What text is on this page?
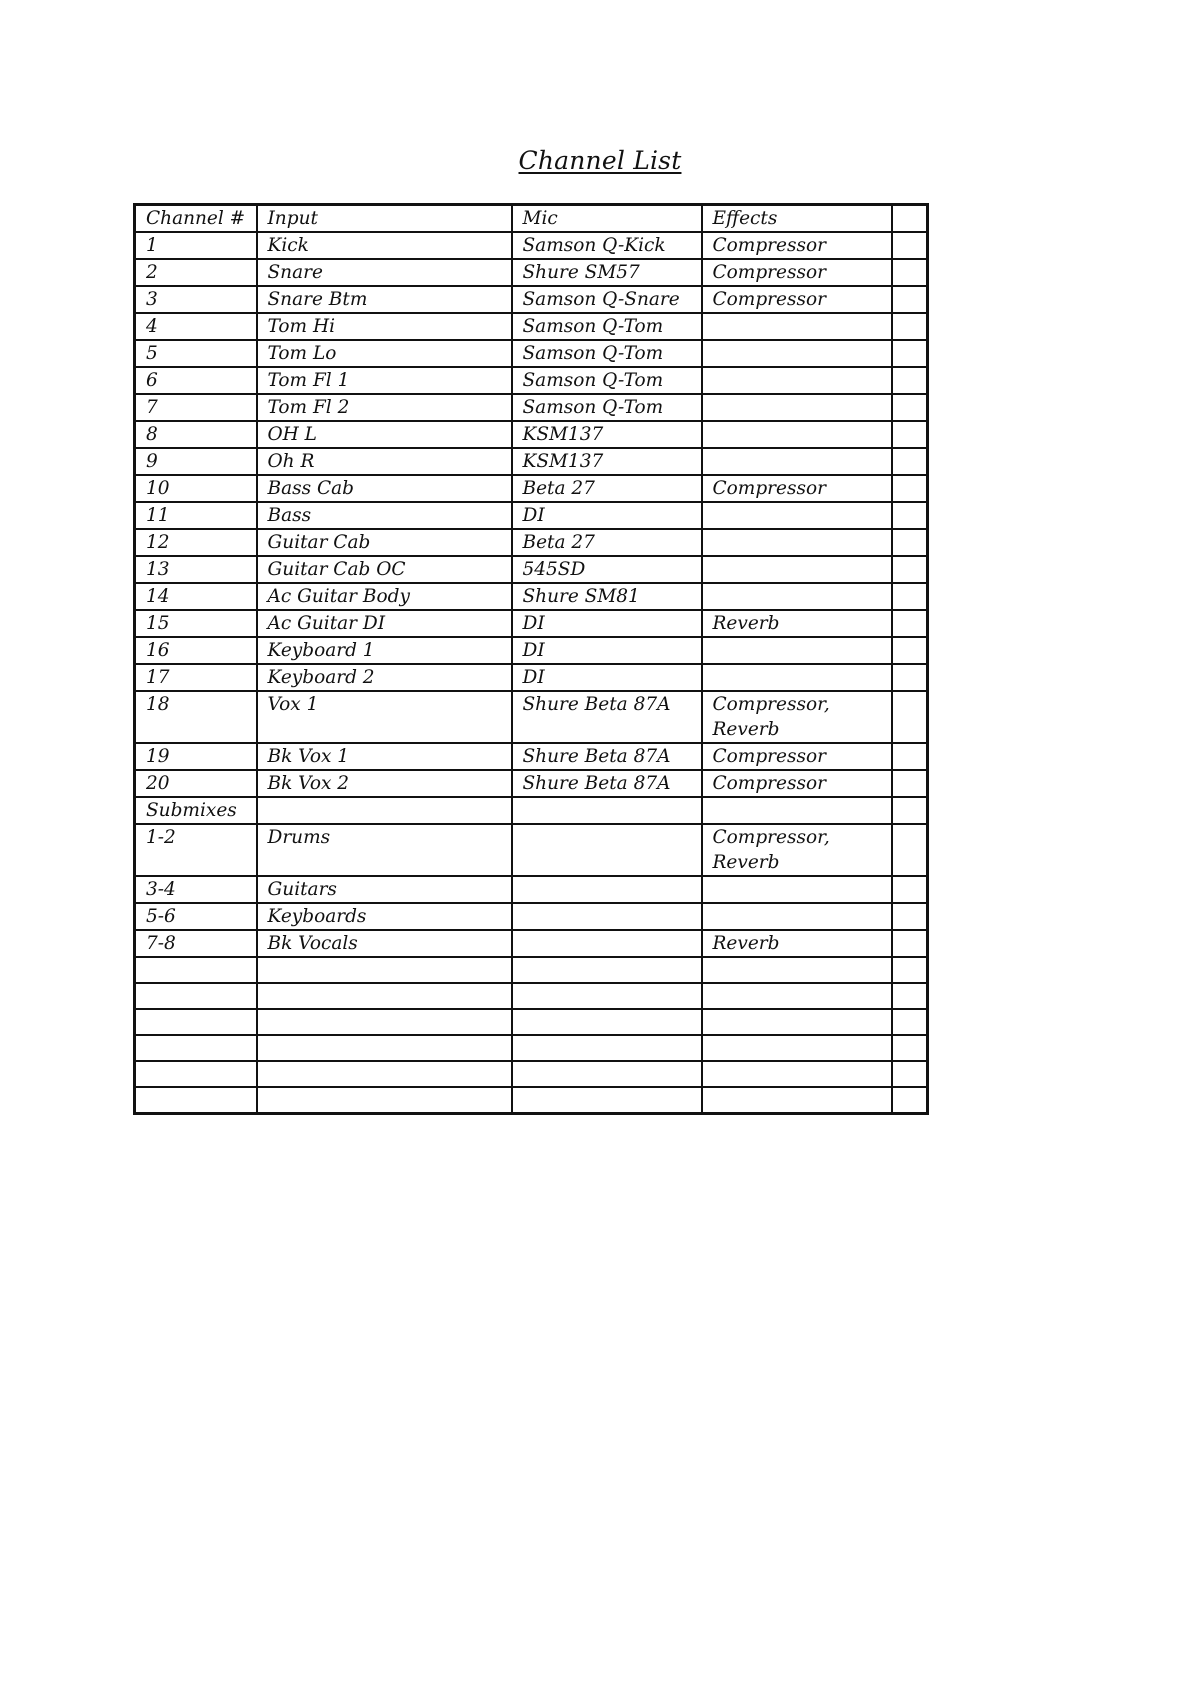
Channel List
Channel #	Input	Mic	Effects	
1	Kick	Samson Q-Kick	Compressor	
2	Snare	Shure SM57	Compressor	
3	Snare Btm	Samson Q-Snare	Compressor	
4	Tom Hi	Samson Q-Tom		
5	Tom Lo	Samson Q-Tom		
6	Tom Fl 1	Samson Q-Tom		
7	Tom Fl 2	Samson Q-Tom		
8	OH L	KSM137		
9	Oh R	KSM137		
10	Bass Cab	Beta 27	Compressor	
11	Bass	DI		
12	Guitar Cab	Beta 27		
13	Guitar Cab OC	545SD		
14	Ac Guitar Body	Shure SM81		
15	Ac Guitar DI	DI	Reverb	
16	Keyboard 1	DI		
17	Keyboard 2	DI		
18	Vox 1	Shure Beta 87A	Compressor, Reverb	
19	Bk Vox 1	Shure Beta 87A	Compressor	
20	Bk Vox 2	Shure Beta 87A	Compressor	
Submixes				
1-2	Drums		Compressor, Reverb	
3-4	Guitars			
5-6	Keyboards			
7-8	Bk Vocals		Reverb	
